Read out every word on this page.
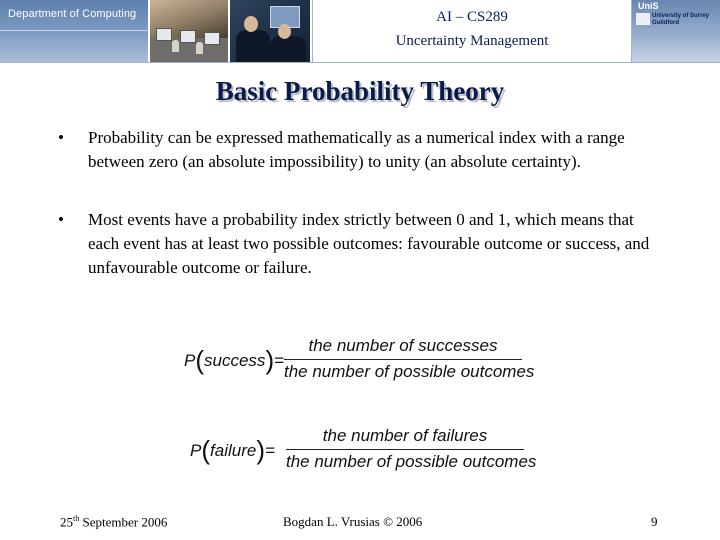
Department of Computing	AI – CS289
Uncertainty Management
UniS
University of Surrey
Guildford
Basic Probability Theory
• Probability can be expressed mathematically as a numerical index with a range between zero (an absolute impossibility) to unity (an absolute certainty).
• Most events have a probability index strictly between 0 and 1, which means that each event has at least two possible outcomes: favourable outcome or success, and unfavourable outcome or failure.
P(success)=
the number of successes
the number of possible outcomes
P(failure)=
the number of failures
the number of possible outcomes
25th September 2006	Bogdan L. Vrusias © 2006	9
